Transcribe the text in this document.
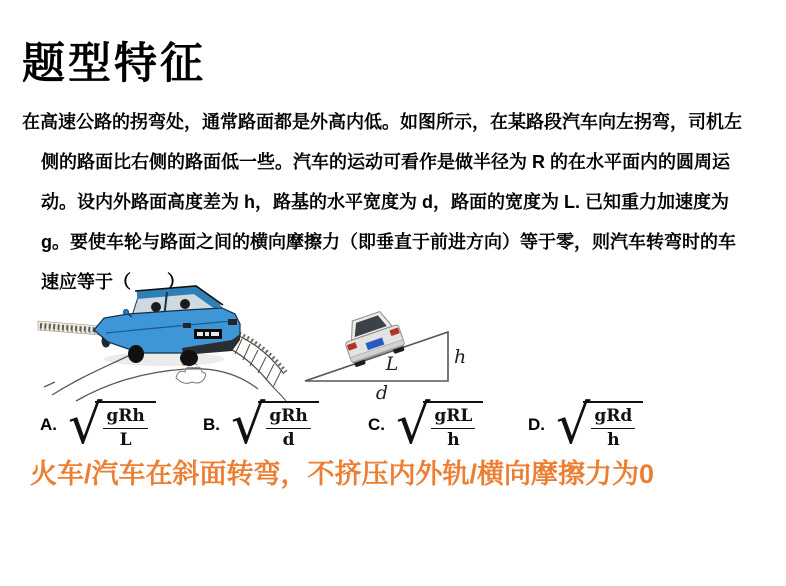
题型特征
在高速公路的拐弯处，通常路面都是外高内低。如图所示，在某路段汽车向左拐弯，司机左
侧的路面比右侧的路面低一些。汽车的运动可看作是做半径为 R 的在水平面内的圆周运
动。设内外路面高度差为 h，路基的水平宽度为 d，路面的宽度为 L. 已知重力加速度为
g。要使车轮与路面之间的横向摩擦力（即垂直于前进方向）等于零，则汽车转弯时的车
速应等于（　　）
L	h
d
A. √
$\frac{\text{gRh}}{L}$	B. √
$\frac{\text{gRh}}{d}$	C. √
$\frac{\text{gRL}}{h}$	D. √
$\frac{\text{gRd}}{h}$
火车/汽车在斜面转弯，不挤压内外轨/横向摩擦力为0
